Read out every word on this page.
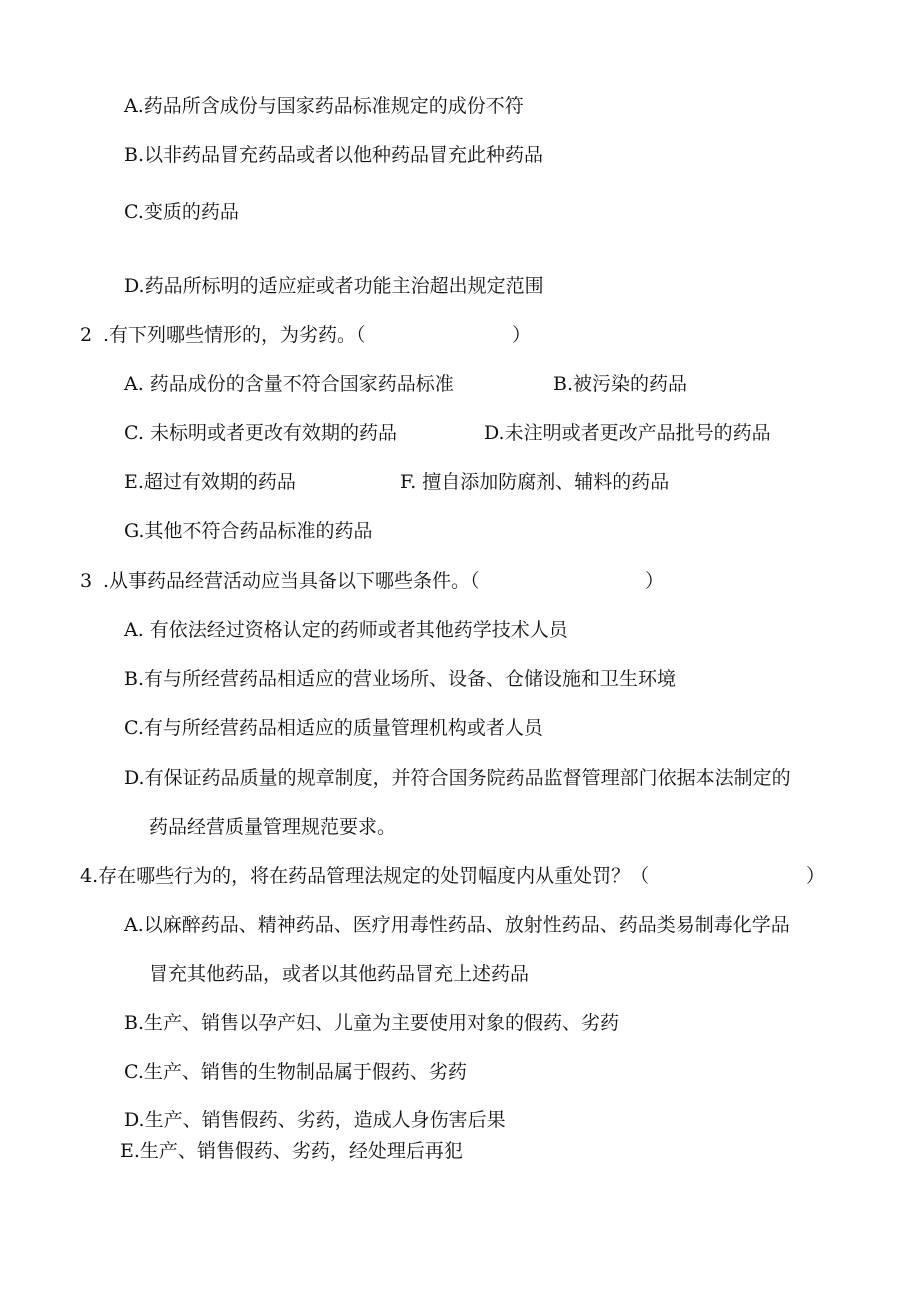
A.药品所含成份与国家药品标准规定的成份不符
B.以非药品冒充药品或者以他种药品冒充此种药品
C.变质的药品
D.药品所标明的适应症或者功能主治超出规定范围
2 .有下列哪些情形的，为劣药。（	）
A. 药品成份的含量不符合国家药品标准	B.被污染的药品
C. 未标明或者更改有效期的药品	D.未注明或者更改产品批号的药品
E.超过有效期的药品	F. 擅自添加防腐剂、辅料的药品
G.其他不符合药品标准的药品
3 .从事药品经营活动应当具备以下哪些条件。（	）
A. 有依法经过资格认定的药师或者其他药学技术人员
B.有与所经营药品相适应的营业场所、设备、仓储设施和卫生环境
C.有与所经营药品相适应的质量管理机构或者人员
D.有保证药品质量的规章制度，并符合国务院药品监督管理部门依据本法制定的
药品经营质量管理规范要求。
4.存在哪些行为的，将在药品管理法规定的处罚幅度内从重处罚？（	）
A.以麻醉药品、精神药品、医疗用毒性药品、放射性药品、药品类易制毒化学品
冒充其他药品，或者以其他药品冒充上述药品
B.生产、销售以孕产妇、儿童为主要使用对象的假药、劣药
C.生产、销售的生物制品属于假药、劣药
D.生产、销售假药、劣药，造成人身伤害后果
E.生产、销售假药、劣药，经处理后再犯
